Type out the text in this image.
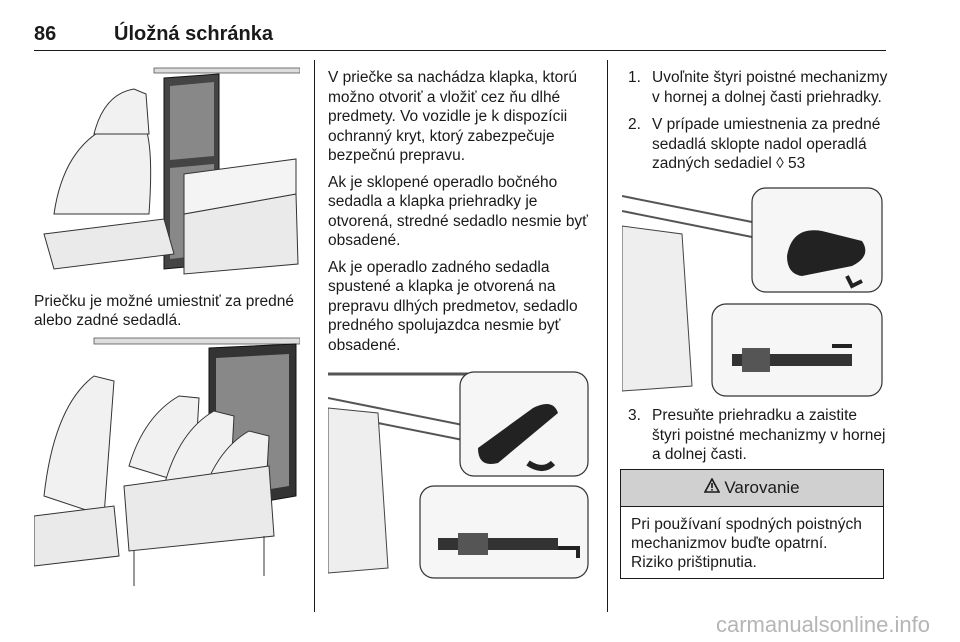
86	Úložná schránka
Priečku je možné umiestniť za predné alebo zadné sedadlá.

V priečke sa nachádza klapka, ktorú možno otvoriť a vložiť cez ňu dlhé predmety. Vo vozidle je k dispozícii ochranný kryt, ktorý zabezpečuje bezpečnú prepravu.

Ak je sklopené operadlo bočného sedadla a klapka priehradky je otvorená, stredné sedadlo nesmie byť obsadené.

Ak je operadlo zadného sedadla spustené a klapka je otvorená na prepravu dlhých predmetov, sedadlo predného spolujazdca nesmie byť obsadené.

1. Uvoľnite štyri poistné mechanizmy v hornej a dolnej časti priehradky.
2. V prípade umiestnenia za predné sedadlá sklopte nadol operadlá zadných sedadiel ◊ 53
3. Presuňte priehradku a zaistite štyri poistné mechanizmy v hornej a dolnej časti.
Varovanie
Pri používaní spodných poistných mechanizmov buďte opatrní. Riziko prištipnutia.
carmanualsonline.info
